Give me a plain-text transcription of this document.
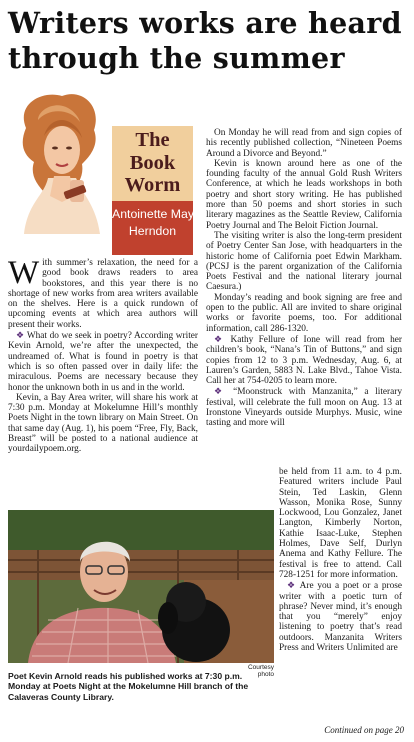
Writers works are heard
through the summer
The
Book
Worm
Antoinette May
Herndon

With summer’s relaxation, the need for a good book draws readers to area bookstores, and this year there is no shortage of new works from area writers available on the shelves. Here is a quick rundown of upcoming events at which area authors will present their works.

❖ What do we seek in poetry? According writer Kevin Arnold, we’re after the unexpected, the undreamed of. What is found in poetry is that which is so often passed over in daily life: the miraculous. Poems are necessary because they honor the unknown both in us and in the world.

Kevin, a Bay Area writer, will share his work at 7:30 p.m. Monday at Mokelumne Hill’s monthly Poets Night in the town library on Main Street. On that same day (Aug. 1), his poem “Free, Fly, Back, Breast” will be posted to a national audience at yourdailypoem.org.

On Monday he will read from and sign copies of his recently published collection, “Nineteen Poems Around a Divorce and Beyond.”

Kevin is known around here as one of the founding faculty of the annual Gold Rush Writers Conference, at which he leads workshops in both poetry and short story writing. He has published more than 50 poems and short stories in such literary magazines as the Seattle Review, California Poetry Journal and The Beloit Fiction Journal.

The visiting writer is also the long-term president of Poetry Center San Jose, with headquarters in the historic home of California poet Edwin Markham. (PCSJ is the parent organization of the California Poets Festival and the national literary journal Caesura.)

Monday’s reading and book signing are free and open to the public. All are invited to share original works or favorite poems, too. For additional information, call 286-1320.

❖ Kathy Fellure of Ione will read from her children’s book, “Nana’s Tin of Buttons,” and sign copies from 12 to 3 p.m. Wednesday, Aug. 6, at Lauren’s Garden, 5883 N. Lake Blvd., Tahoe Vista. Call her at 754-0205 to learn more.

❖ “Moonstruck with Manzanita,” a literary festival, will celebrate the full moon on Aug. 13 at Ironstone Vineyards outside Murphys. Music, wine tasting and more will

be held from 11 a.m. to 4 p.m. Featured writers include Paul Stein, Ted Laskin, Glenn Wasson, Monika Rose, Sunny Lockwood, Lou Gonzalez, Janet Langton, Kimberly Norton, Kathie Isaac-Luke, Stephen Holmes, Dave Self, Durlyn Anema and Kathy Fellure. The festival is free to attend. Call 728-1251 for more information.

❖ Are you a poet or a prose writer with a poetic turn of phrase? Never mind, it’s enough that you “merely” enjoy listening to poetry that’s read outdoors. Manzanita Writers Press and Writers Unlimited are

Courtesy photo
Poet Kevin Arnold reads his published works at 7:30 p.m.
Monday at Poets Night at the Mokelumne Hill branch of the
Calaveras County Library.
Continued on page 20
